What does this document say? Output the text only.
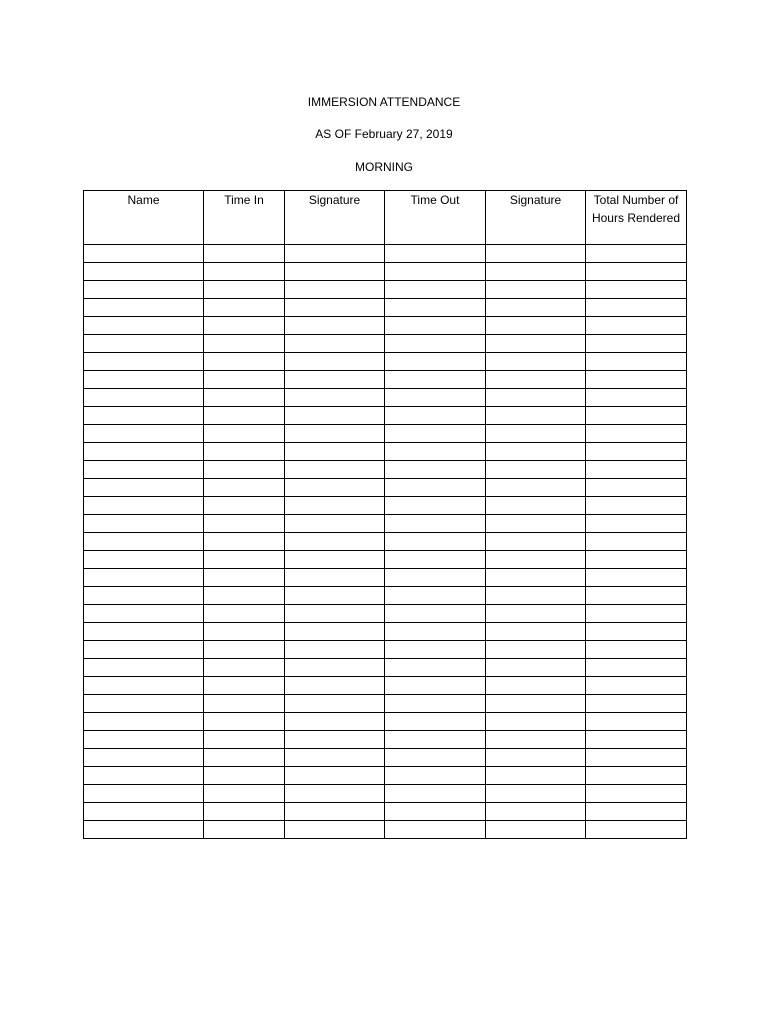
IMMERSION ATTENDANCE
AS OF February 27, 2019
MORNING
Name	Time In	Signature	Time Out	Signature	Total Number of Hours Rendered
